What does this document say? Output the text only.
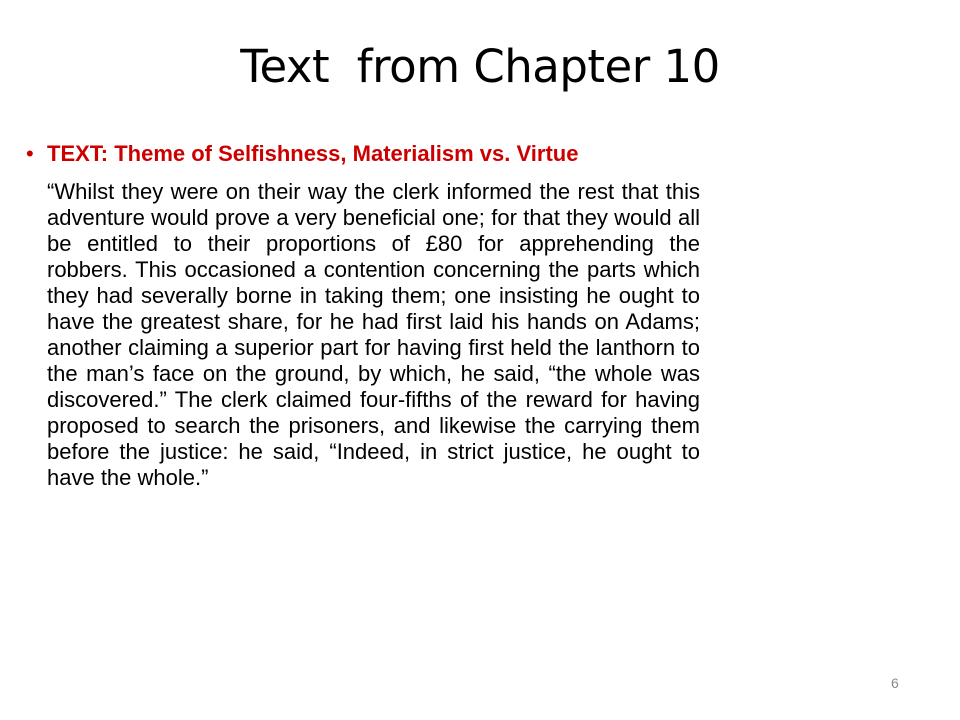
Text  from Chapter 10
• TEXT: Theme of Selfishness, Materialism vs. Virtue
“Whilst they were on their way the clerk informed the rest that this adventure would prove a very beneficial one; for that they would all be entitled to their proportions of £80 for apprehending the robbers. This occasioned a contention concerning the parts which they had severally borne in taking them; one insisting he ought to have the greatest share, for he had first laid his hands on Adams; another claiming a superior part for having first held the lanthorn to the man’s face on the ground, by which, he said, “the whole was discovered.” The clerk claimed four-fifths of the reward for having proposed to search the prisoners, and likewise the carrying them before the justice: he said, “Indeed, in strict justice, he ought to have the whole.”
6
